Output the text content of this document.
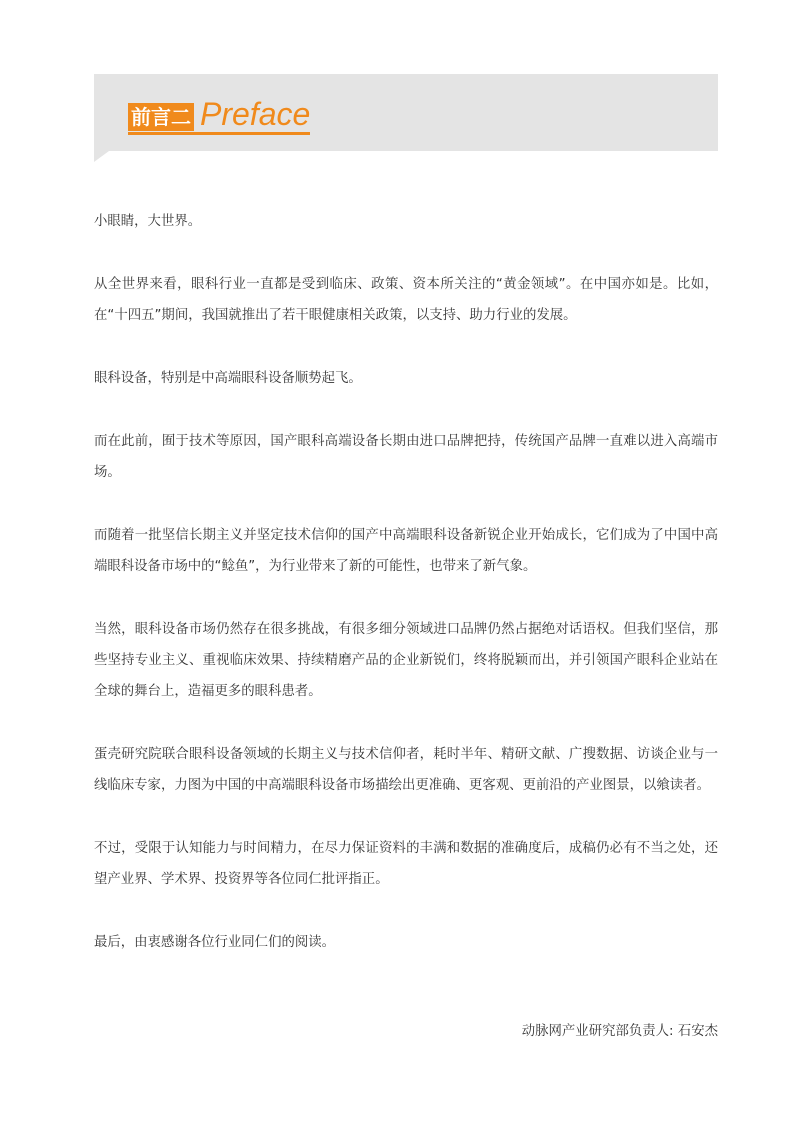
前言二 Preface

小眼睛，大世界。

从全世界来看，眼科行业一直都是受到临床、政策、资本所关注的“黄金领域”。在中国亦如是。比如，在“十四五”期间，我国就推出了若干眼健康相关政策，以支持、助力行业的发展。

眼科设备，特别是中高端眼科设备顺势起飞。

而在此前，囿于技术等原因，国产眼科高端设备长期由进口品牌把持，传统国产品牌一直难以进入高端市场。

而随着一批坚信长期主义并坚定技术信仰的国产中高端眼科设备新锐企业开始成长，它们成为了中国中高端眼科设备市场中的“鲶鱼”，为行业带来了新的可能性，也带来了新气象。

当然，眼科设备市场仍然存在很多挑战，有很多细分领域进口品牌仍然占据绝对话语权。但我们坚信，那些坚持专业主义、重视临床效果、持续精磨产品的企业新锐们，终将脱颖而出，并引领国产眼科企业站在全球的舞台上，造福更多的眼科患者。

蛋壳研究院联合眼科设备领域的长期主义与技术信仰者，耗时半年、精研文献、广搜数据、访谈企业与一线临床专家，力图为中国的中高端眼科设备市场描绘出更准确、更客观、更前沿的产业图景，以飨读者。

不过，受限于认知能力与时间精力，在尽力保证资料的丰满和数据的准确度后，成稿仍必有不当之处，还望产业界、学术界、投资界等各位同仁批评指正。

最后，由衷感谢各位行业同仁们的阅读。

动脉网产业研究部负责人: 石安杰
